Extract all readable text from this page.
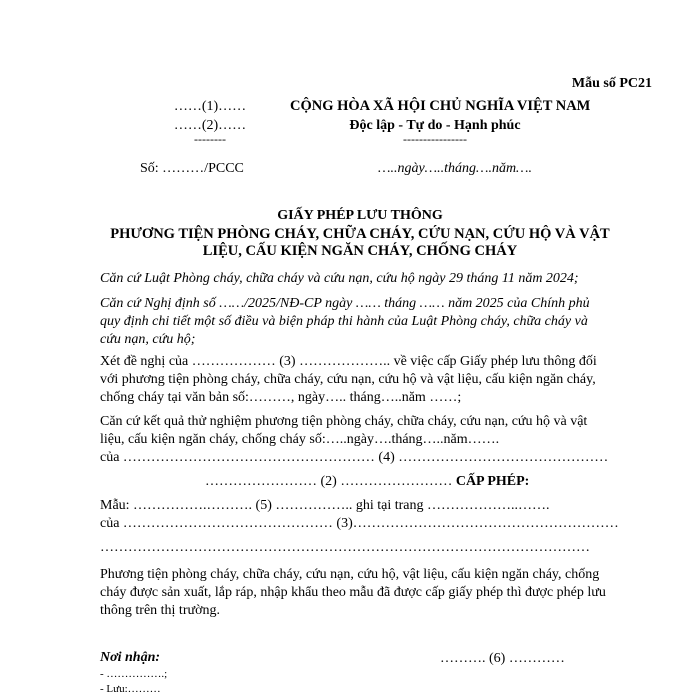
Mẫu số PC21
……(1)……
……(2)……
--------
CỘNG HÒA XÃ HỘI CHỦ NGHĨA VIỆT NAM
Độc lập - Tự do - Hạnh phúc
----------------
Số: ………/PCCC	…..ngày…..tháng….năm….
GIẤY PHÉP LƯU THÔNG
PHƯƠNG TIỆN PHÒNG CHÁY, CHỮA CHÁY, CỨU NẠN, CỨU HỘ VÀ VẬT
LIỆU, CẤU KIỆN NGĂN CHÁY, CHỐNG CHÁY
Căn cứ Luật Phòng cháy, chữa cháy và cứu nạn, cứu hộ ngày 29 tháng 11 năm 2024;
Căn cứ Nghị định số ……/2025/NĐ-CP ngày …… tháng …… năm 2025 của Chính phủ quy định chi tiết một số điều và biện pháp thi hành của Luật Phòng cháy, chữa cháy và cứu nạn, cứu hộ;
Xét đề nghị của ……………… (3) ……………….. về việc cấp Giấy phép lưu thông đối với phương tiện phòng cháy, chữa cháy, cứu nạn, cứu hộ và vật liệu, cấu kiện ngăn cháy, chống cháy tại văn bản số:………, ngày….. tháng…..năm ……;
Căn cứ kết quả thử nghiệm phương tiện phòng cháy, chữa cháy, cứu nạn, cứu hộ và vật liệu, cấu kiện ngăn cháy, chống cháy số:…..ngày….tháng…..năm…….
của ……………………………………………… (4) ………………………………………
…………………… (2) …………………… CẤP PHÉP:
Mẫu: …………….………. (5) …………….. ghi tại trang ………………..…….
của ……………………………………… (3)…………………………………………………
……………………………………………………………………………………………
Phương tiện phòng cháy, chữa cháy, cứu nạn, cứu hộ, vật liệu, cấu kiện ngăn cháy, chống cháy được sản xuất, lắp ráp, nhập khẩu theo mẫu đã được cấp giấy phép thì được phép lưu thông trên thị trường.
Nơi nhận:
- …………….;
- Lưu:………
………. (6) …………
